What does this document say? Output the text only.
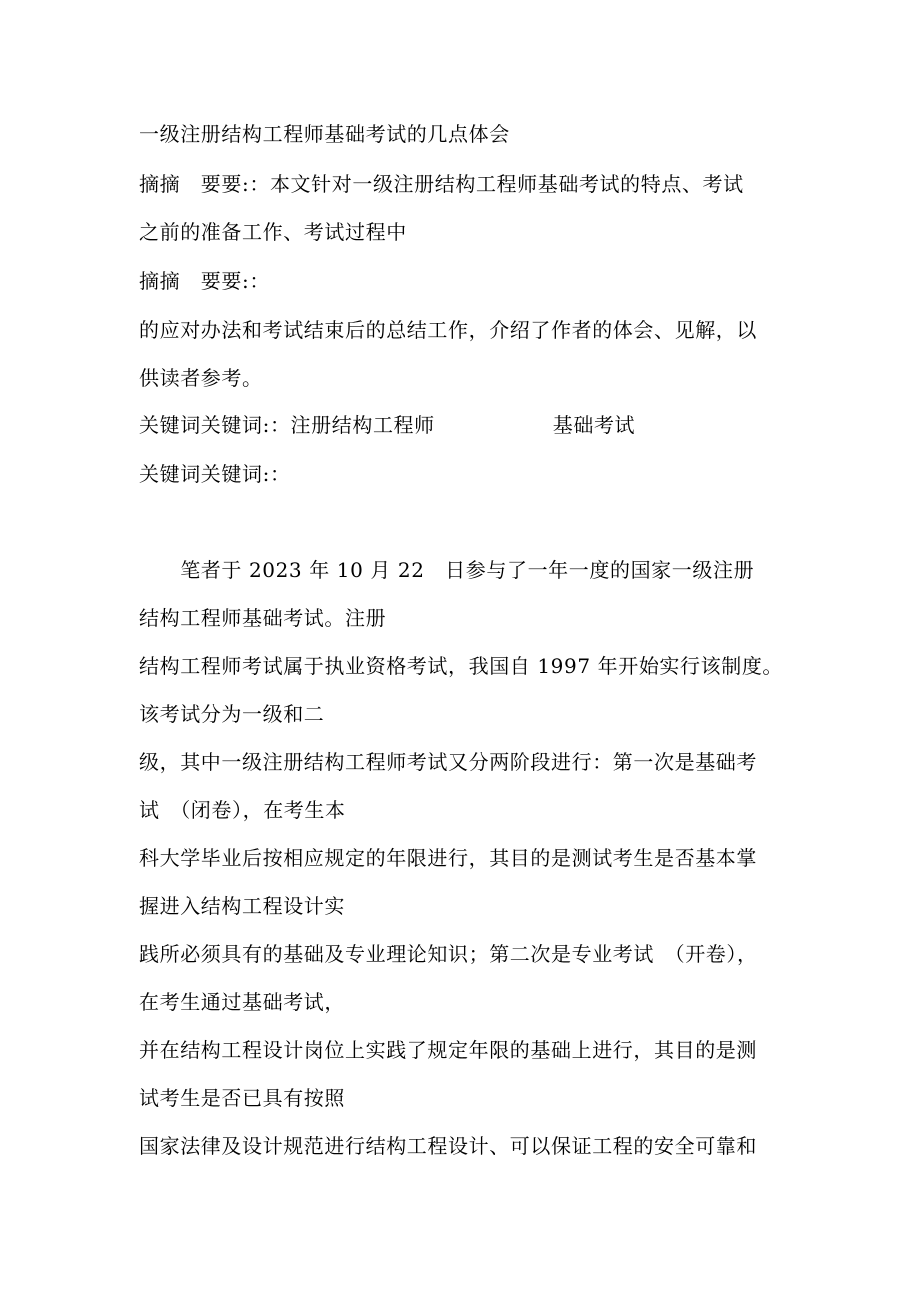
一级注册结构工程师基础考试的几点体会

摘摘　要要:：本文针对一级注册结构工程师基础考试的特点、考试

之前的准备工作、考试过程中

摘摘　要要:：

的应对办法和考试结束后的总结工作，介绍了作者的体会、见解，以

供读者参考。

关键词关键词:：注册结构工程师	基础考试

关键词关键词:：

　　笔者于 2023 年 10 月 22　日参与了一年一度的国家一级注册

结构工程师基础考试。注册

结构工程师考试属于执业资格考试，我国自 1997 年开始实行该制度。

该考试分为一级和二

级，其中一级注册结构工程师考试又分两阶段进行：第一次是基础考

试　（闭卷），在考生本

科大学毕业后按相应规定的年限进行，其目的是测试考生是否基本掌

握进入结构工程设计实

践所必须具有的基础及专业理论知识；第二次是专业考试　（开卷），

在考生通过基础考试，

并在结构工程设计岗位上实践了规定年限的基础上进行，其目的是测

试考生是否已具有按照

国家法律及设计规范进行结构工程设计、可以保证工程的安全可靠和
